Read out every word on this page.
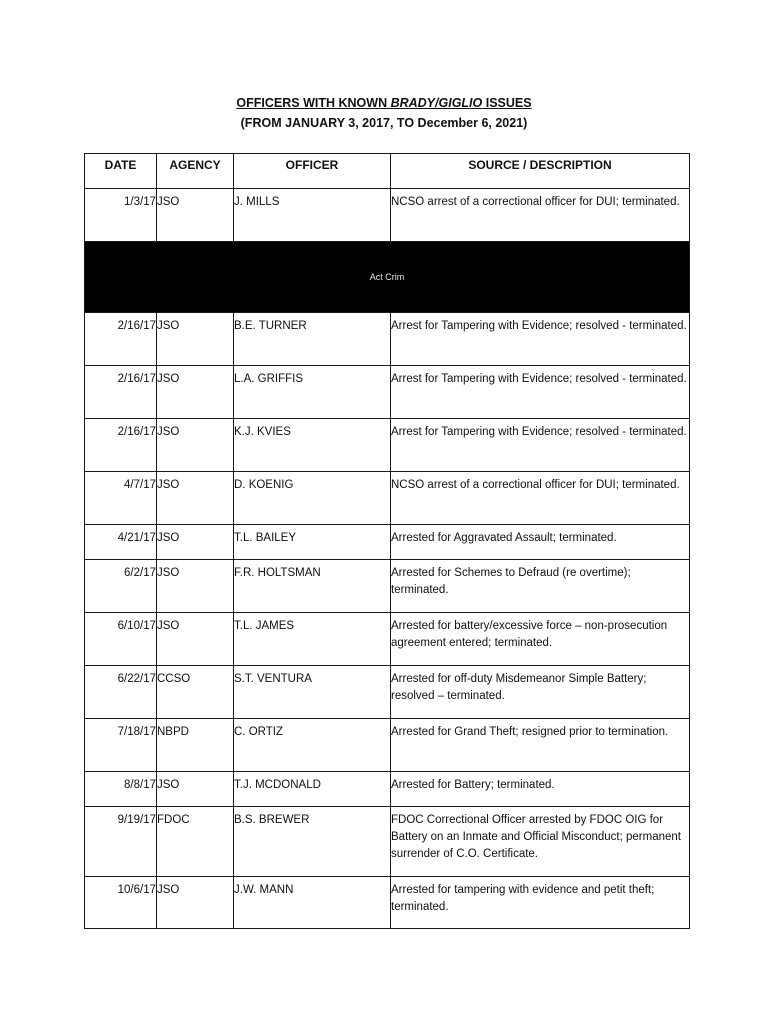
OFFICERS WITH KNOWN BRADY/GIGLIO ISSUES
(FROM JANUARY 3, 2017, TO December 6, 2021)
DATE	AGENCY	OFFICER	SOURCE / DESCRIPTION
1/3/17	JSO	J. MILLS	NCSO arrest of a correctional officer for DUI; terminated.
Act Crim			
2/16/17	JSO	B.E. TURNER	Arrest for Tampering with Evidence; resolved - terminated.
2/16/17	JSO	L.A. GRIFFIS	Arrest for Tampering with Evidence; resolved - terminated.
2/16/17	JSO	K.J. KVIES	Arrest for Tampering with Evidence; resolved - terminated.
4/7/17	JSO	D. KOENIG	NCSO arrest of a correctional officer for DUI; terminated.
4/21/17	JSO	T.L. BAILEY	Arrested for Aggravated Assault; terminated.
6/2/17	JSO	F.R. HOLTSMAN	Arrested for Schemes to Defraud (re overtime); terminated.
6/10/17	JSO	T.L. JAMES	Arrested for battery/excessive force – non-prosecution agreement entered; terminated.
6/22/17	CCSO	S.T. VENTURA	Arrested for off-duty Misdemeanor Simple Battery; resolved – terminated.
7/18/17	NBPD	C. ORTIZ	Arrested for Grand Theft; resigned prior to termination.
8/8/17	JSO	T.J. MCDONALD	Arrested for Battery; terminated.
9/19/17	FDOC	B.S. BREWER	FDOC Correctional Officer arrested by FDOC OIG for Battery on an Inmate and Official Misconduct; permanent surrender of C.O. Certificate.
10/6/17	JSO	J.W. MANN	Arrested for tampering with evidence and petit theft; terminated.
